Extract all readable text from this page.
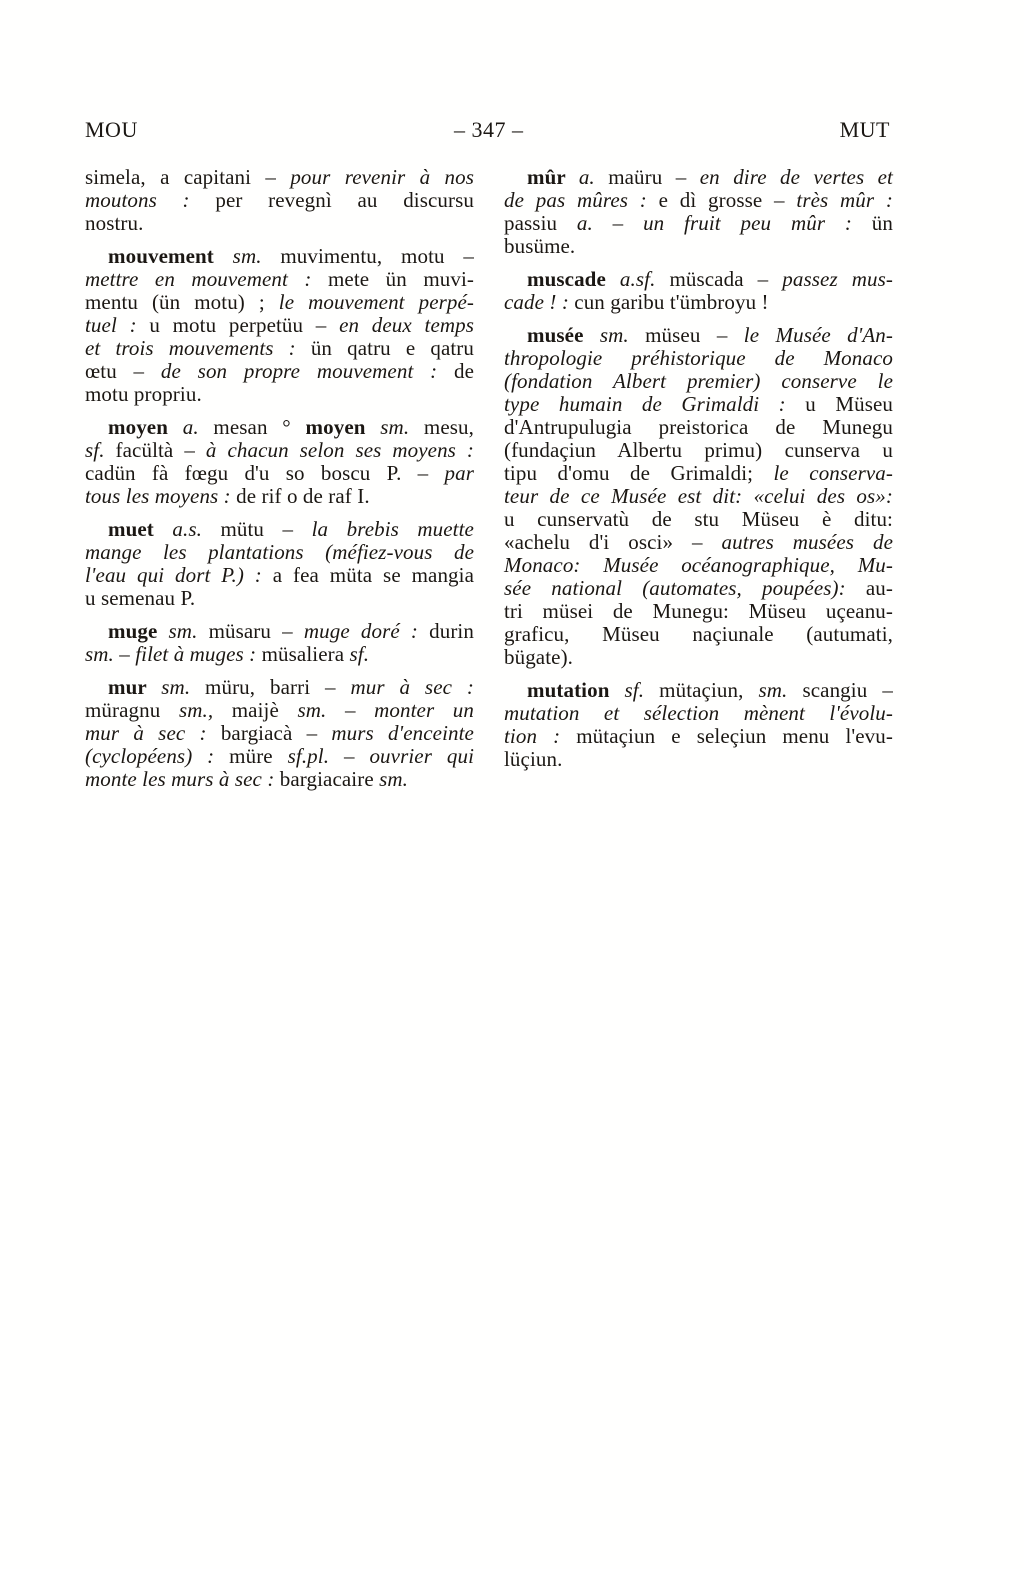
MOU	– 347 –	MUT
simela, a capitani – pour revenir à nos
moutons : per revegnì au discursu
nostru.
mouvement sm. muvimentu, motu –
mettre en mouvement : mete ün muvi-
mentu (ün motu) ; le mouvement perpé-
tuel : u motu perpetüu – en deux temps
et trois mouvements : ün qatru e qatru
œtu – de son propre mouvement : de
motu propriu.
moyen a. mesan ° moyen sm. mesu,
sf. facültà – à chacun selon ses moyens :
cadün fà fœgu d'u so boscu P. – par
tous les moyens : de rif o de raf I.
muet a.s. mütu – la brebis muette
mange les plantations (méfiez-vous de
l'eau qui dort P.) : a fea müta se mangia
u semenau P.
muge sm. müsaru – muge doré : durin
sm. – filet à muges : müsaliera sf.
mur sm. müru, barri – mur à sec :
müragnu sm., maijè sm. – monter un
mur à sec : bargiacà – murs d'enceinte
(cyclopéens) : müre sf.pl. – ouvrier qui
monte les murs à sec : bargiacaire sm.
mûr a. maüru – en dire de vertes et
de pas mûres : e dì grosse – très mûr :
passiu a. – un fruit peu mûr : ün
busüme.
muscade a.sf. müscada – passez mus-
cade ! : cun garibu t'ümbroyu !
musée sm. müseu – le Musée d'An-
thropologie préhistorique de Monaco
(fondation Albert premier) conserve le
type humain de Grimaldi : u Müseu
d'Antrupulugia preistorica de Munegu
(fundaçiun Albertu primu) cunserva u
tipu d'omu de Grimaldi; le conserva-
teur de ce Musée est dit: «celui des os»:
u cunservatù de stu Müseu è ditu:
«achelu d'i osci» – autres musées de
Monaco: Musée océanographique, Mu-
sée national (automates, poupées): au-
tri müsei de Munegu: Müseu uçeanu-
graficu, Müseu naçiunale (autumati,
bügate).
mutation sf. mütaçiun, sm. scangiu –
mutation et sélection mènent l'évolu-
tion : mütaçiun e seleçiun menu l'evu-
lüçiun.
